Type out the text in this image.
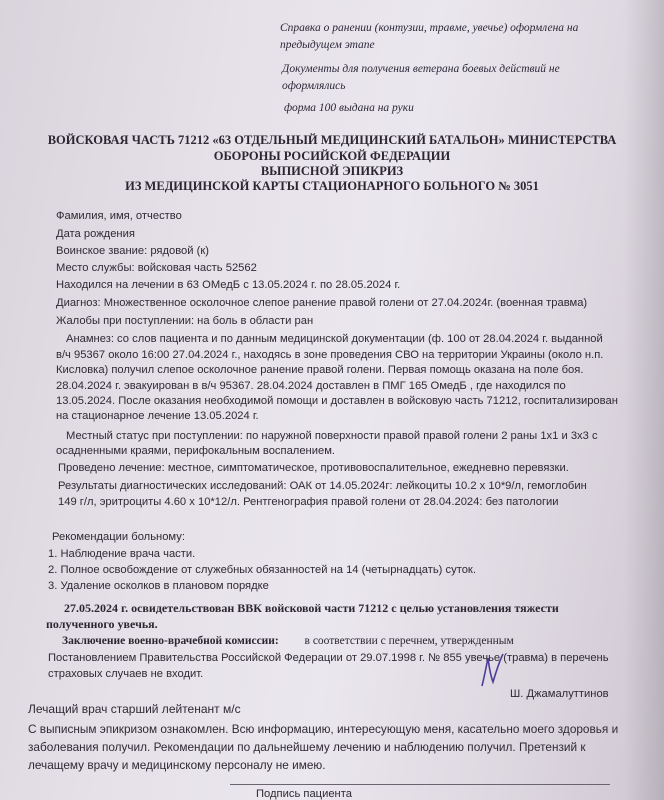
Справка о ранении (контузии, травме, увечье) оформлена на
предыдущем этапе
Документы для получения ветерана боевых действий не
оформлялись
форма 100 выдана на руки
ВОЙСКОВАЯ ЧАСТЬ 71212 «63 ОТДЕЛЬНЫЙ МЕДИЦИНСКИЙ БАТАЛЬОН» МИНИСТЕРСТВА
ОБОРОНЫ РОСИЙСКОЙ ФЕДЕРАЦИИ
ВЫПИСНОЙ ЭПИКРИЗ
ИЗ МЕДИЦИНСКОЙ КАРТЫ СТАЦИОНАРНОГО БОЛЬНОГО № 3051
Фамилия, имя, отчество
Дата рождения
Воинское звание: рядовой (к)
Место службы: войсковая часть 52562
Находился на лечении в 63 ОМедБ с 13.05.2024 г. по 28.05.2024 г.
Диагноз: Множественное осколочное слепое ранение правой голени от 27.04.2024г. (военная травма)
Жалобы при поступлении: на боль в области ран
Анамнез: со слов пациента и по данным медицинской документации (ф. 100 от 28.04.2024 г. выданной
в/ч 95367 около 16:00 27.04.2024 г., находясь в зоне проведения СВО на территории Украины (около н.п.
Кисловка) получил слепое осколочное ранение правой голени. Первая помощь оказана на поле боя.
28.04.2024 г. эвакуирован в в/ч 95367. 28.04.2024 доставлен в ПМГ 165 ОмедБ , где находился по
13.05.2024. После оказания необходимой помощи и доставлен в войсковую часть 71212, госпитализирован
на стационарное лечение 13.05.2024 г.
Местный статус при поступлении: по наружной поверхности правой правой голени 2 раны 1х1 и 3х3 с
осадненными краями, перифокальным воспалением.
Проведено лечение: местное, симптоматическое, противовоспалительное, ежедневно перевязки.
Результаты диагностических исследований: ОАК от 14.05.2024г: лейкоциты 10.2 х 10*9/л, гемоглобин
149 г/л, эритроциты 4.60 х 10*12/л. Рентгенография правой голени от 28.04.2024: без патологии
Рекомендации больному:
1. Наблюдение врача части.
2. Полное освобождение от служебных обязанностей на 14 (четырнадцать) суток.
3. Удаление осколков в плановом порядке
27.05.2024 г. освидетельствован ВВК войсковой части 71212 с целью установления тяжести
полученного увечья.
Заключение военно-врачебной комиссии: в соответствии с перечнем, утвержденным
Постановлением Правительства Российской Федерации от 29.07.1998 г. № 855 увечье (травма) в перечень
страховых случаев не входит.
Ш. Джамалуттинов
Лечащий врач старший лейтенант м/с
С выписным эпикризом ознакомлен. Всю информацию, интересующую меня, касательно моего здоровья и
заболевания получил. Рекомендации по дальнейшему лечению и наблюдению получил. Претензий к
лечащему врачу и медицинскому персоналу не имею.
Подпись пациента
